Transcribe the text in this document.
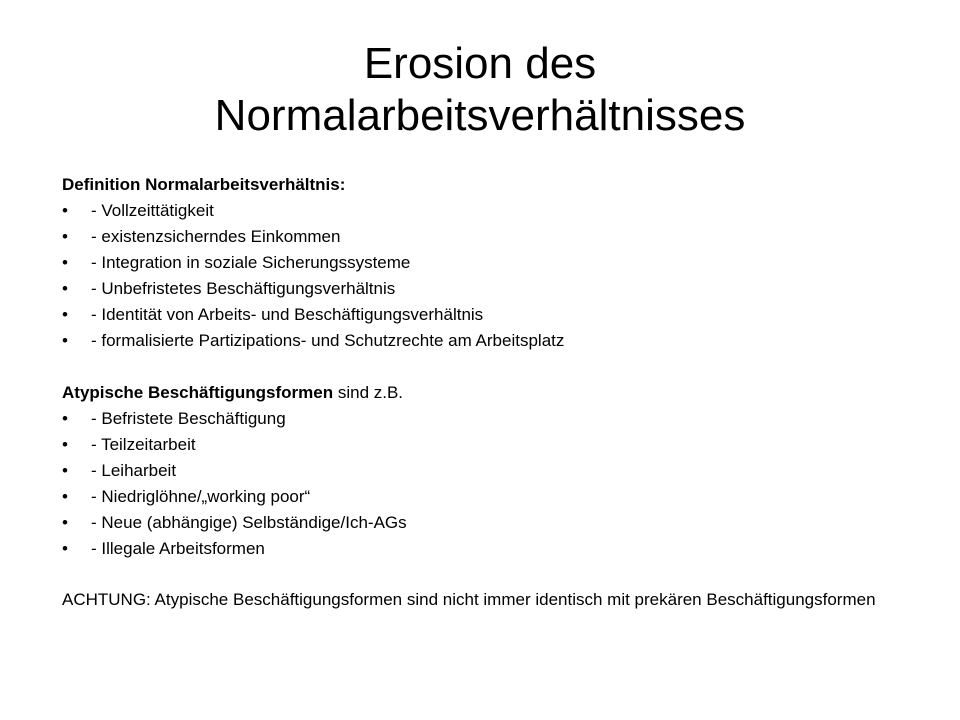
Erosion des
Normalarbeitsverhältnisses
Definition Normalarbeitsverhältnis:
• - Vollzeittätigkeit
• - existenzsicherndes Einkommen
• - Integration in soziale Sicherungssysteme
• - Unbefristetes Beschäftigungsverhältnis
• - Identität von Arbeits- und Beschäftigungsverhältnis
• - formalisierte Partizipations- und Schutzrechte am Arbeitsplatz
Atypische Beschäftigungsformen sind z.B.
• - Befristete Beschäftigung
• - Teilzeitarbeit
• - Leiharbeit
• - Niedriglöhne/„working poor“
• - Neue (abhängige) Selbständige/Ich-AGs
• - Illegale Arbeitsformen
ACHTUNG: Atypische Beschäftigungsformen sind nicht immer identisch mit prekären Beschäftigungsformen
